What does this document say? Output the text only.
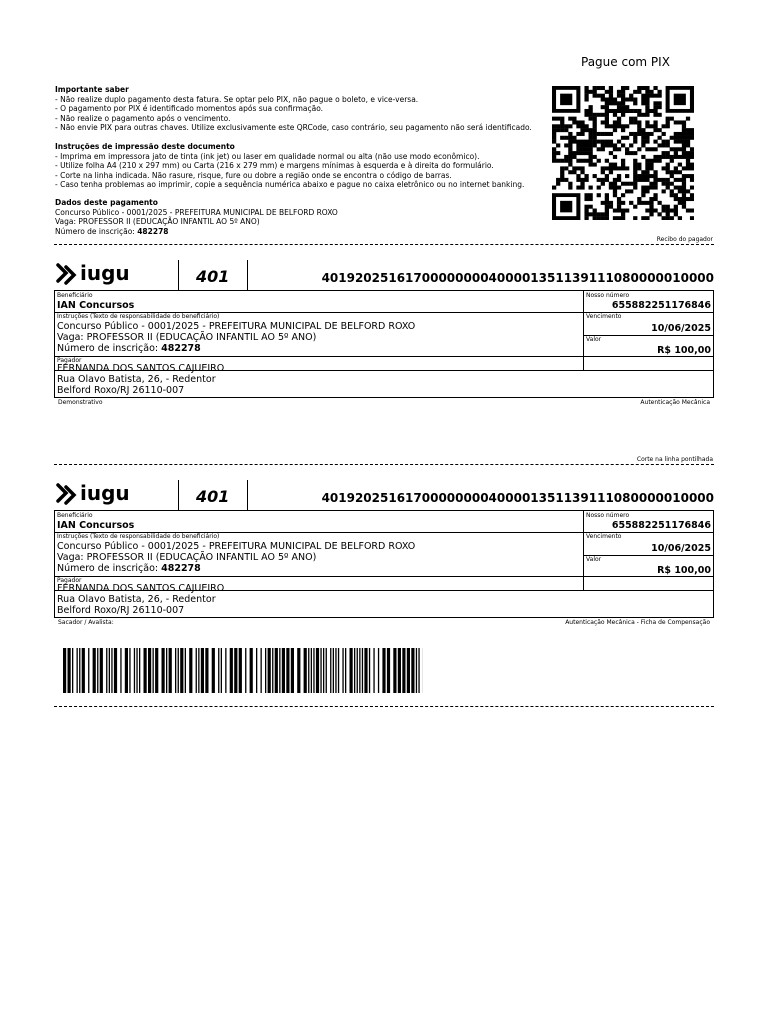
Pague com PIX
Importante saber
- Não realize duplo pagamento desta fatura. Se optar pelo PIX, não pague o boleto, e vice-versa.
- O pagamento por PIX é identificado momentos após sua confirmação.
- Não realize o pagamento após o vencimento.
- Não envie PIX para outras chaves. Utilize exclusivamente este QRCode, caso contrário, seu pagamento não será identificado.
Instruções de impressão deste documento
- Imprima em impressora jato de tinta (ink jet) ou laser em qualidade normal ou alta (não use modo econômico).
- Utilize folha A4 (210 x 297 mm) ou Carta (216 x 279 mm) e margens mínimas à esquerda e à direita do formulário.
- Corte na linha indicada. Não rasure, risque, fure ou dobre a região onde se encontra o código de barras.
- Caso tenha problemas ao imprimir, copie a sequência numérica abaixo e pague no caixa eletrônico ou no internet banking.
Dados deste pagamento
Concurso Público - 0001/2025 - PREFEITURA MUNICIPAL DE BELFORD ROXO
Vaga: PROFESSOR II (EDUCAÇÃO INFANTIL AO 5º ANO)
Número de inscrição: 482278
Recibo do pagador
iugu	401	40192025161700000000400001351139111080000010000
Beneficiário
IAN Concursos
Nosso número
655882251176846
Instruções (Texto de responsabilidade do beneficiário)
Concurso Público - 0001/2025 - PREFEITURA MUNICIPAL DE BELFORD ROXO
Vaga: PROFESSOR II (EDUCAÇÃO INFANTIL AO 5º ANO)
Número de inscrição: 482278
Vencimento
10/06/2025
Valor
R$ 100,00
Pagador
FERNANDA DOS SANTOS CAJUEIRO
Rua Olavo Batista, 26, - Redentor
Belford Roxo/RJ 26110-007
Demonstrativo	Autenticação Mecânica
Corte na linha pontilhada
iugu	401	40192025161700000000400001351139111080000010000
Beneficiário
IAN Concursos
Nosso número
655882251176846
Instruções (Texto de responsabilidade do beneficiário)
Concurso Público - 0001/2025 - PREFEITURA MUNICIPAL DE BELFORD ROXO
Vaga: PROFESSOR II (EDUCAÇÃO INFANTIL AO 5º ANO)
Número de inscrição: 482278
Vencimento
10/06/2025
Valor
R$ 100,00
Pagador
FERNANDA DOS SANTOS CAJUEIRO
Rua Olavo Batista, 26, - Redentor
Belford Roxo/RJ 26110-007
Sacador / Avalista:	Autenticação Mecânica - Ficha de Compensação
